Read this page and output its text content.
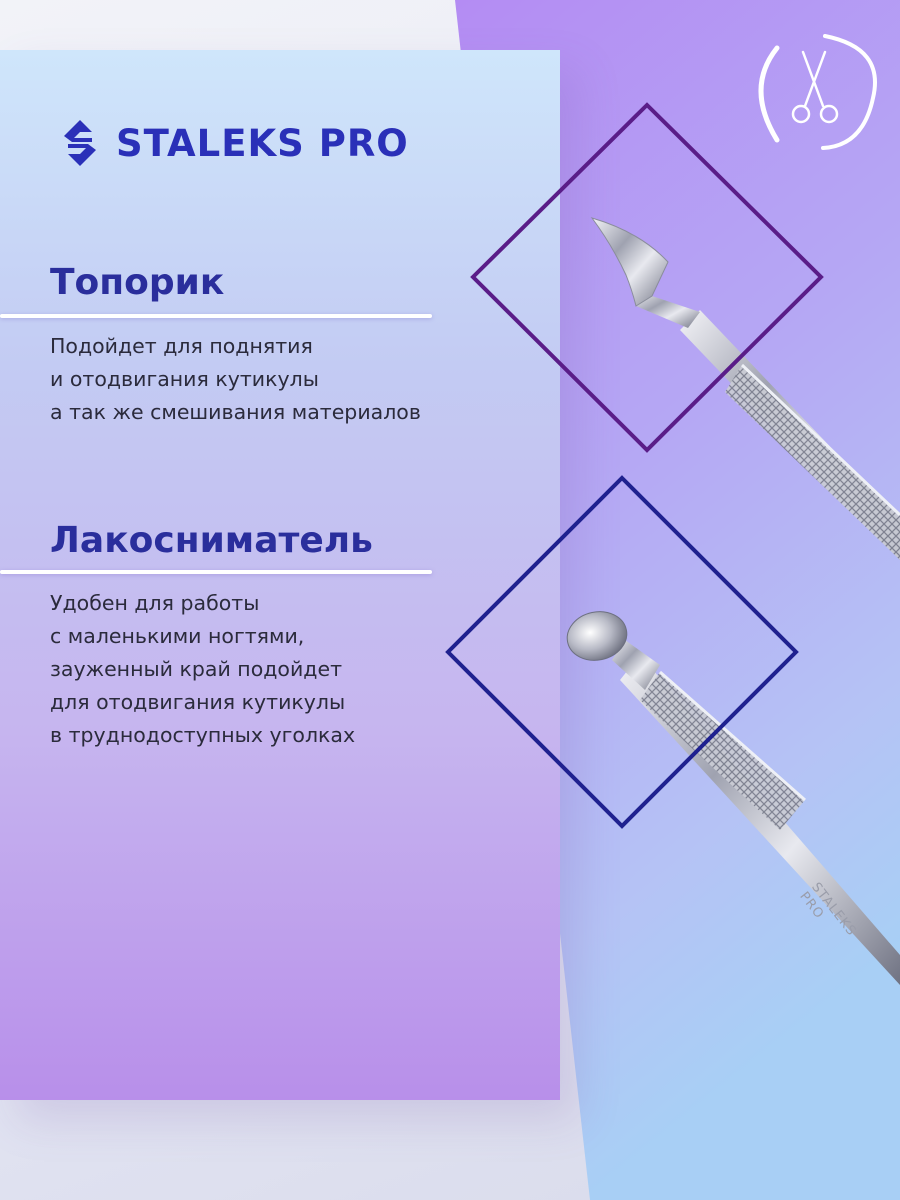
STALEKS PRO
Топорик
Подойдет для поднятия
и отодвигания кутикулы
а так же смешивания материалов
Лакоснимaтель
Удобен для работы
с маленькими ногтями,
зауженный край подойдет
для отодвигания кутикулы
в труднодоступных уголках
STALEKS PRO
